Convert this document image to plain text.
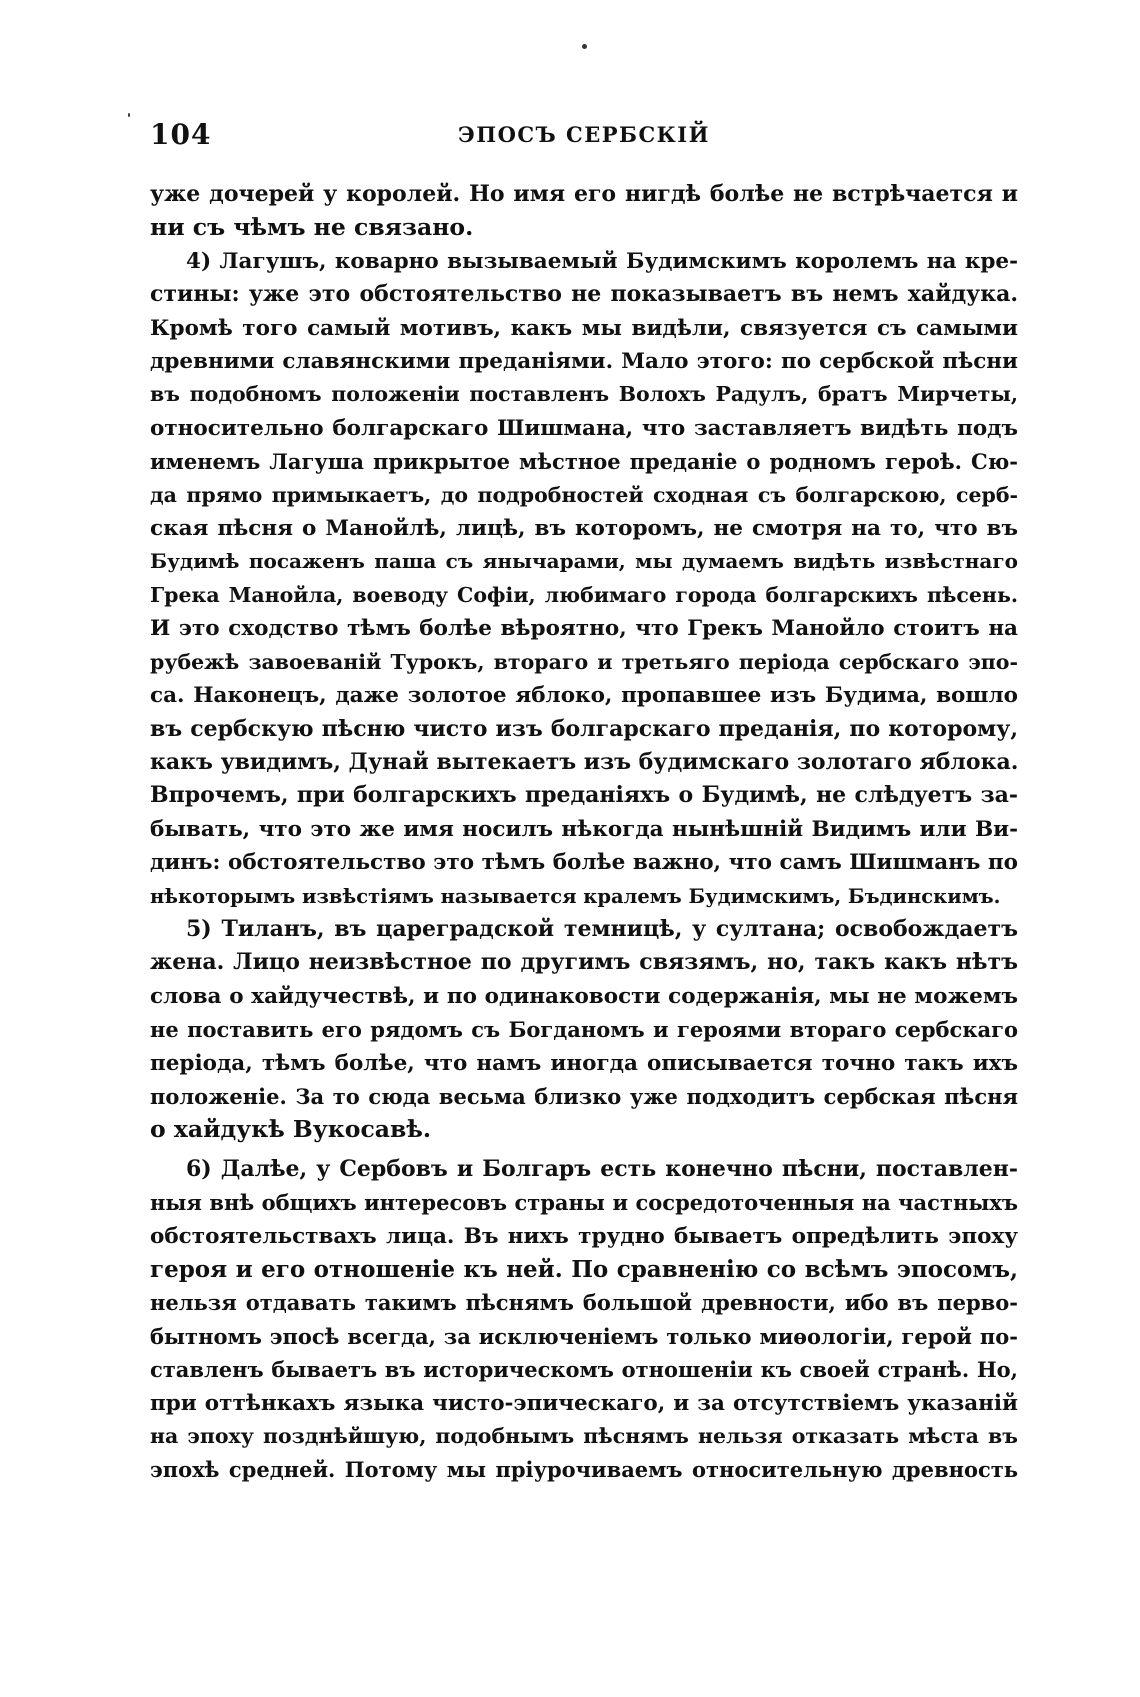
104	ЭПОСЪ СЕРБСКІЙ
уже дочерей у королей. Но имя его нигдѣ болѣе не встрѣчается и
ни съ чѣмъ не связано.
4) Лагушъ, коварно вызываемый Будимскимъ королемъ на кре-
стины: уже это обстоятельство не показываетъ въ немъ хайдука.
Кромѣ того самый мотивъ, какъ мы видѣли, связуется съ самыми
древними славянскими преданіями. Мало этого: по сербской пѣсни
въ подобномъ положеніи поставленъ Волохъ Радулъ, братъ Мирчеты,
относительно болгарскаго Шишмана, что заставляетъ видѣть подъ
именемъ Лагуша прикрытое мѣстное преданіе о родномъ героѣ. Сю-
да прямо примыкаетъ, до подробностей сходная съ болгарскою, серб-
ская пѣсня о Манойлѣ, лицѣ, въ которомъ, не смотря на то, что въ
Будимѣ посаженъ паша съ янычарами, мы думаемъ видѣть извѣстнаго
Грека Манойла, воеводу Софіи, любимаго города болгарскихъ пѣсень.
И это сходство тѣмъ болѣе вѣроятно, что Грекъ Манойло стоитъ на
рубежѣ завоеваній Турокъ, втораго и третьяго періода сербскаго эпо-
са. Наконецъ, даже золотое яблоко, пропавшее изъ Будима, вошло
въ сербскую пѣсню чисто изъ болгарскаго преданія, по которому,
какъ увидимъ, Дунай вытекаетъ изъ будимскаго золотаго яблока.
Впрочемъ, при болгарскихъ преданіяхъ о Будимѣ, не слѣдуетъ за-
бывать, что это же имя носилъ нѣкогда нынѣшній Видимъ или Ви-
динъ: обстоятельство это тѣмъ болѣе важно, что самъ Шишманъ по
нѣкоторымъ извѣстіямъ называется кралемъ Будимскимъ, Бъдинскимъ.
5) Тиланъ, въ цареградской темницѣ, у султана; освобождаетъ
жена. Лицо неизвѣстное по другимъ связямъ, но, такъ какъ нѣтъ
слова о хайдучествѣ, и по одинаковости содержанія, мы не можемъ
не поставить его рядомъ съ Богданомъ и героями втораго сербскаго
періода, тѣмъ болѣе, что намъ иногда описывается точно такъ ихъ
положеніе. За то сюда весьма близко уже подходитъ сербская пѣсня
о хайдукѣ Вукосавѣ.
6) Далѣе, у Сербовъ и Болгаръ есть конечно пѣсни, поставлен-
ныя внѣ общихъ интересовъ страны и сосредоточенныя на частныхъ
обстоятельствахъ лица. Въ нихъ трудно бываетъ опредѣлить эпоху
героя и его отношеніе къ ней. По сравненію со всѣмъ эпосомъ,
нельзя отдавать такимъ пѣснямъ большой древности, ибо въ перво-
бытномъ эпосѣ всегда, за исключеніемъ только миѳологіи, герой по-
ставленъ бываетъ въ историческомъ отношеніи къ своей странѣ. Но,
при оттѣнкахъ языка чисто-эпическаго, и за отсутствіемъ указаній
на эпоху позднѣйшую, подобнымъ пѣснямъ нельзя отказать мѣста въ
эпохѣ средней. Потому мы пріурочиваемъ относительную древность
